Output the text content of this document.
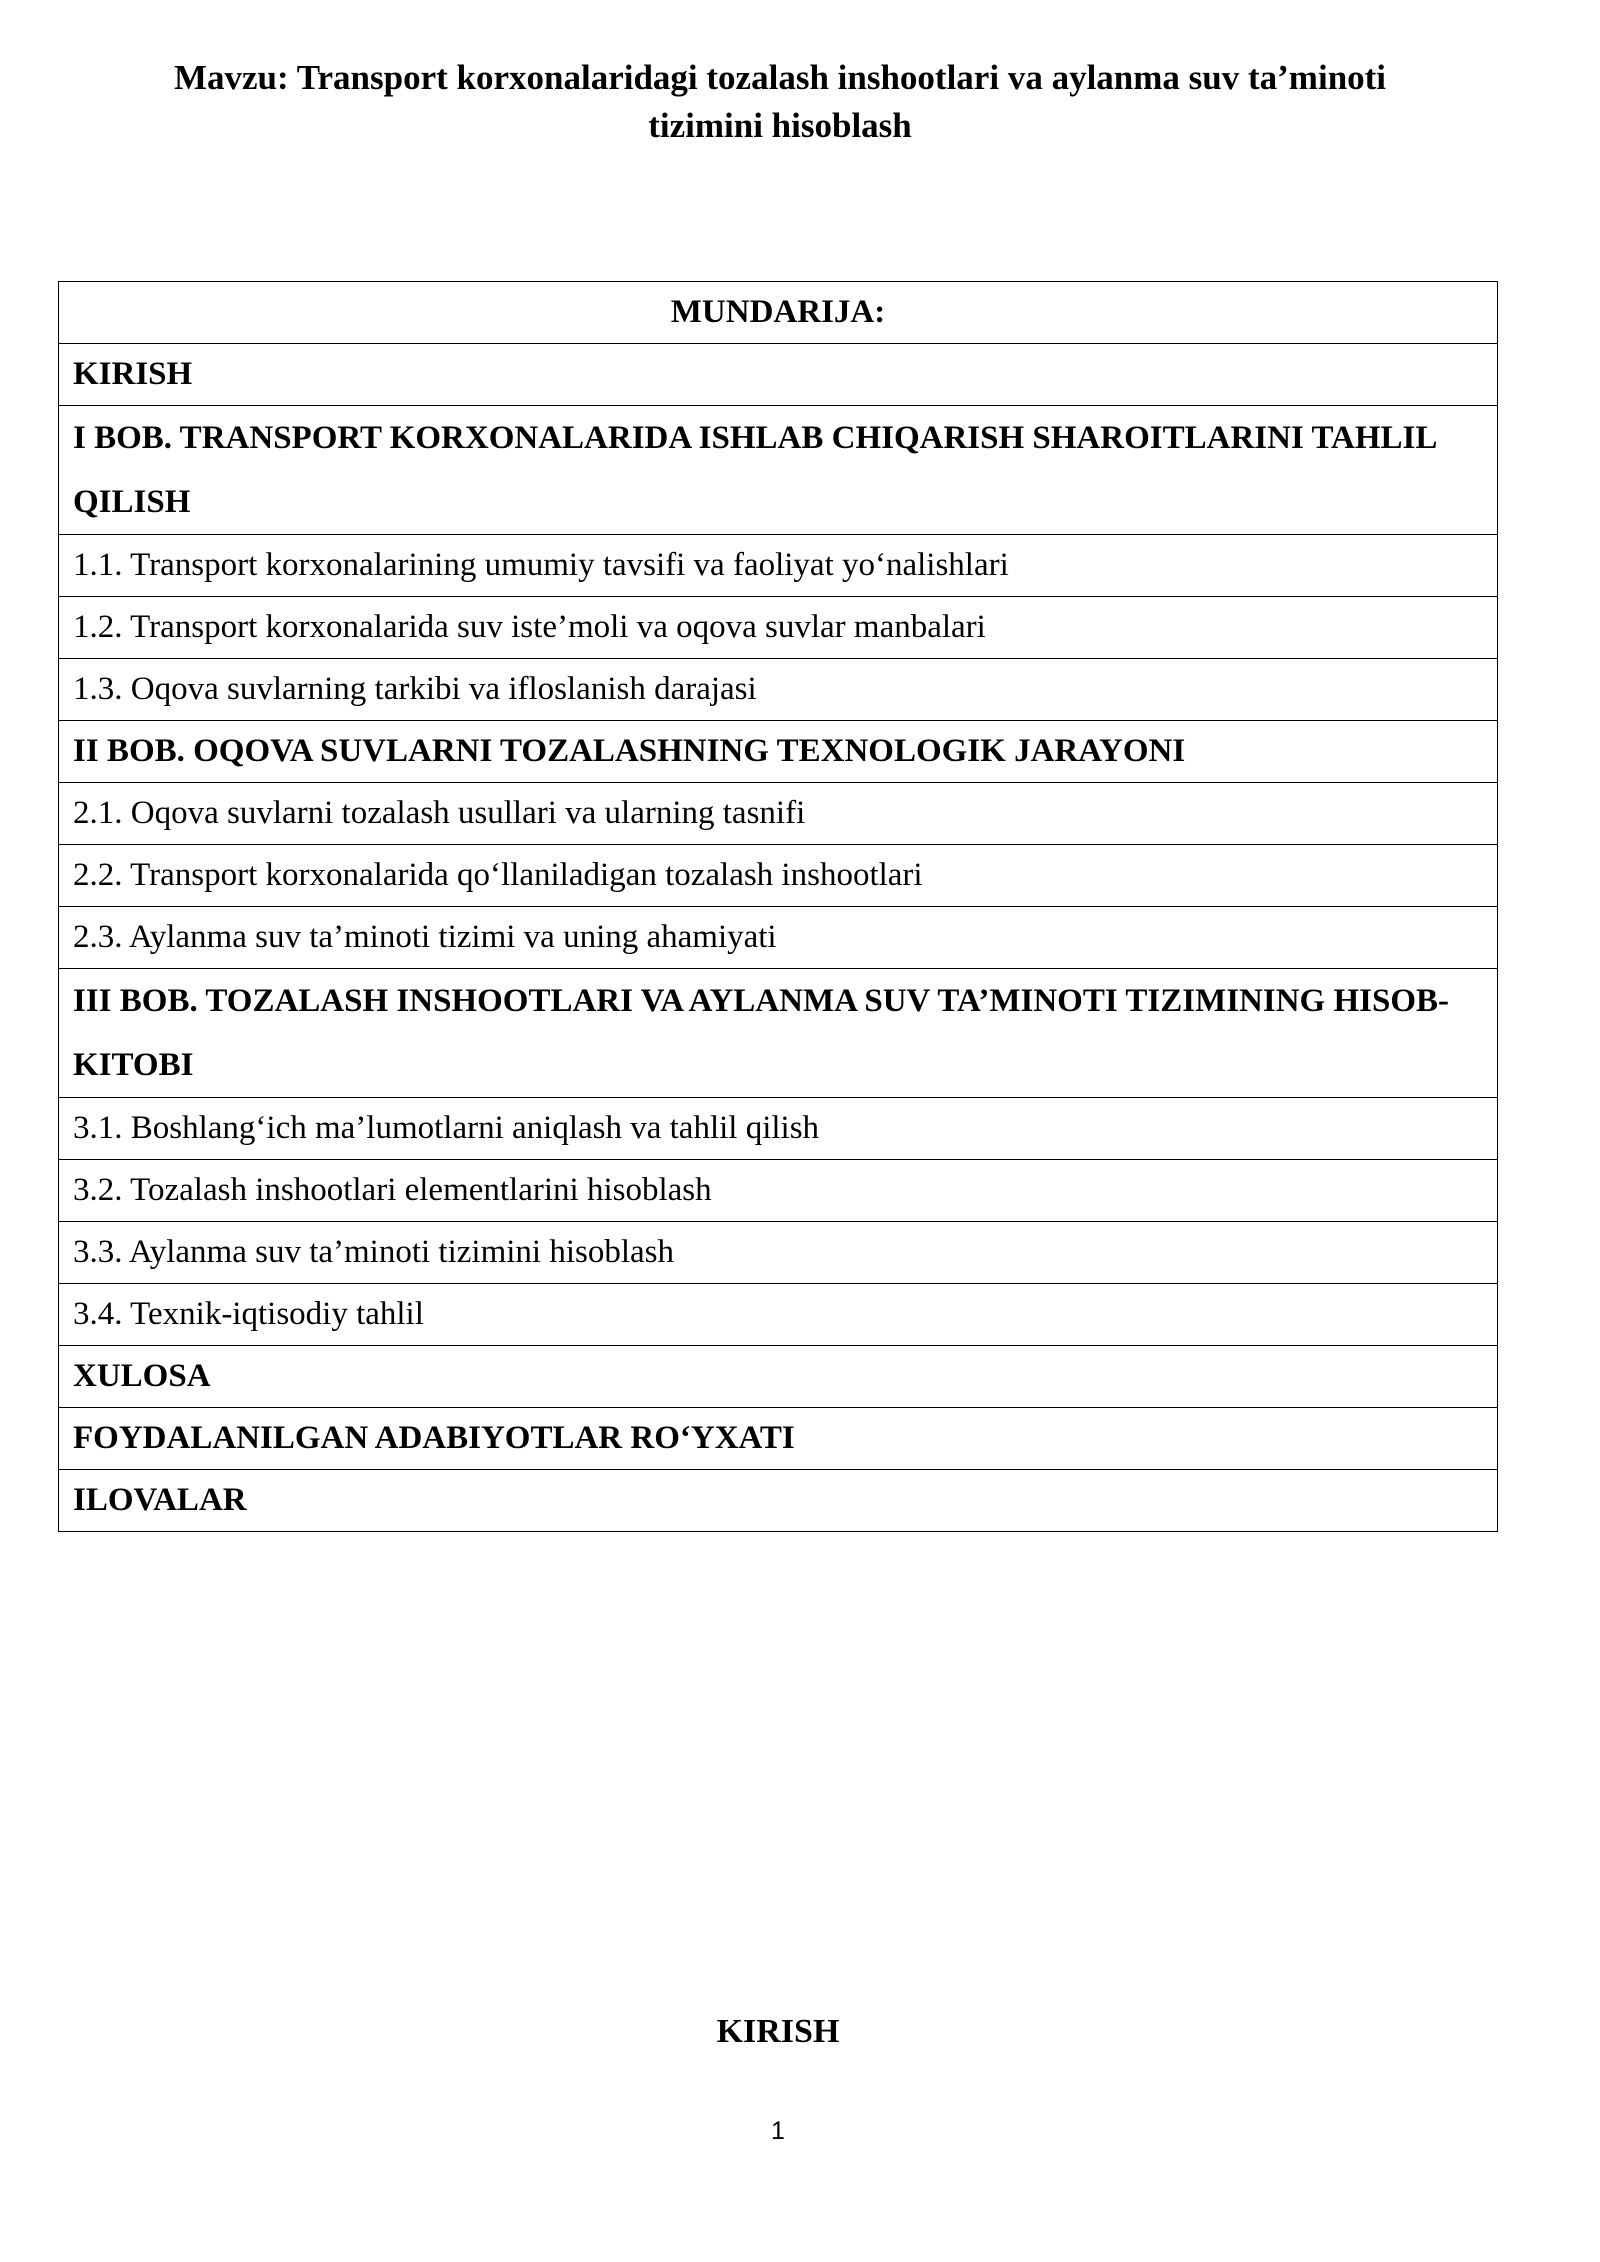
Mavzu: Transport korxonalaridagi tozalash inshootlari va aylanma suv ta’minoti
tizimini hisoblash
MUNDARIJA:
KIRISH
I BOB. TRANSPORT KORXONALARIDA ISHLAB CHIQARISH SHAROITLARINI TAHLIL QILISH
1.1. Transport korxonalarining umumiy tavsifi va faoliyat yo‘nalishlari
1.2. Transport korxonalarida suv iste’moli va oqova suvlar manbalari
1.3. Oqova suvlarning tarkibi va ifloslanish darajasi
II BOB. OQOVA SUVLARNI TOZALASHNING TEXNOLOGIK JARAYONI
2.1. Oqova suvlarni tozalash usullari va ularning tasnifi
2.2. Transport korxonalarida qo‘llaniladigan tozalash inshootlari
2.3. Aylanma suv ta’minoti tizimi va uning ahamiyati
III BOB. TOZALASH INSHOOTLARI VA AYLANMA SUV TA’MINOTI TIZIMINING HISOB-KITOBI
3.1. Boshlang‘ich ma’lumotlarni aniqlash va tahlil qilish
3.2. Tozalash inshootlari elementlarini hisoblash
3.3. Aylanma suv ta’minoti tizimini hisoblash
3.4. Texnik-iqtisodiy tahlil
XULOSA
FOYDALANILGAN ADABIYOTLAR RO‘YXATI
ILOVALAR
KIRISH
1
